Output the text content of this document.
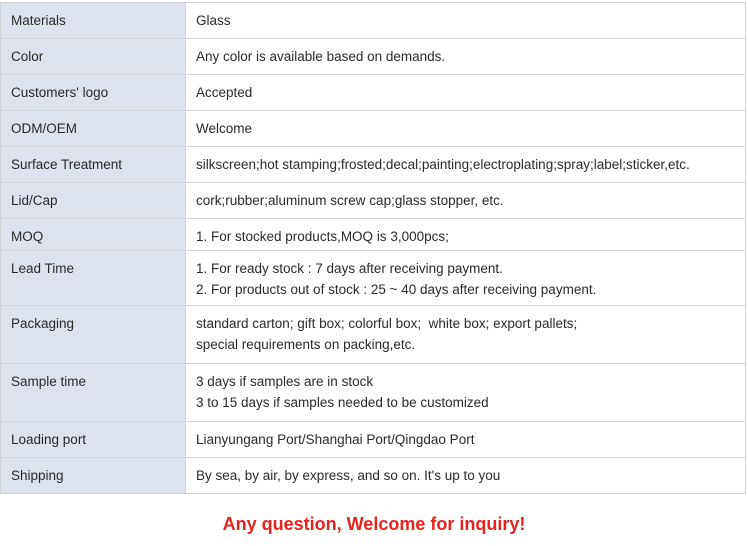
Materials	Glass

Color	Any color is available based on demands.

Customers' logo	Accepted

ODM/OEM	Welcome

Surface Treatment	silkscreen;hot stamping;frosted;decal;painting;electroplating;spray;label;sticker,etc.

Lid/Cap	cork;rubber;aluminum screw cap;glass stopper, etc.

MOQ	1. For stocked products,MOQ is 3,000pcs;

Lead Time	1. For ready stock : 7 days after receiving payment.
2. For products out of stock : 25 ~ 40 days after receiving payment.

Packaging	standard carton; gift box; colorful box;  white box; export pallets;
special requirements on packing,etc.

Sample time	3 days if samples are in stock
3 to 15 days if samples needed to be customized

Loading port	Lianyungang Port/Shanghai Port/Qingdao Port

Shipping	By sea, by air, by express, and so on. It's up to you
Any question, Welcome for inquiry!
